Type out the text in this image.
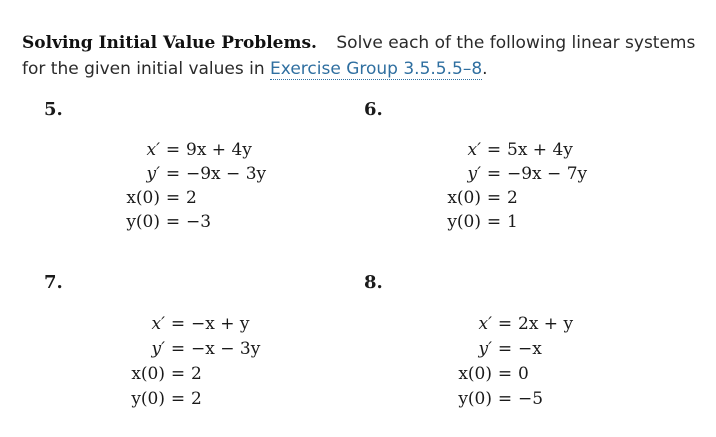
Solving Initial Value Problems. Solve each of the following linear systems for the given initial values in Exercise Group 3.5.5.5–8.
5.
x′ = 9x + 4y
y′ = −9x − 3y
x(0) = 2
y(0) = −3
6.
x′ = 5x + 4y
y′ = −9x − 7y
x(0) = 2
y(0) = 1
7.
x′ = −x + y
y′ = −x − 3y
x(0) = 2
y(0) = 2
8.
x′ = 2x + y
y′ = −x
x(0) = 0
y(0) = −5
